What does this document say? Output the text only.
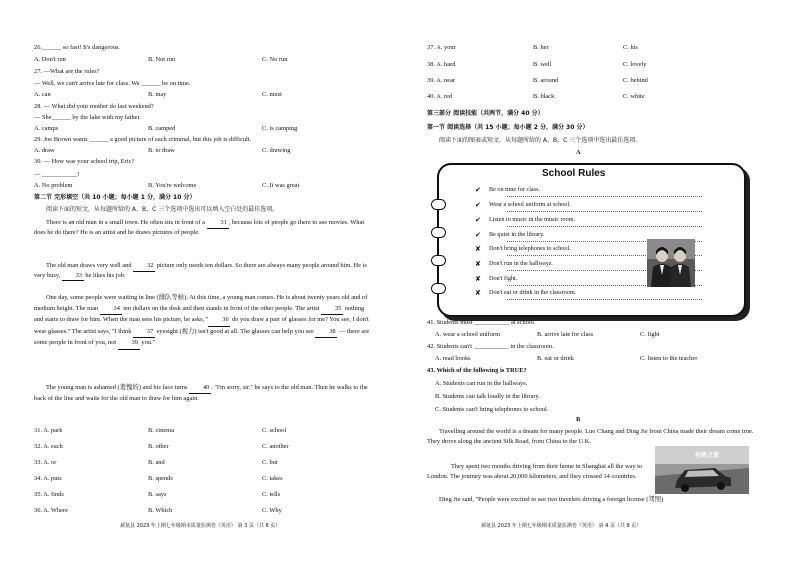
26.______ so fast! It's dangerous.
A. Don't run	B. Not run	C. No run
27. —What are the rules?
— Well, we can't arrive late for class. We ______ be on time.
A. can	B. may	C. must
28. — What did your mother do last weekend?
— She______ by the lake with my father.
A. camps	B. camped	C. is camping
29. Joe Brown wants ______ a good picture of each criminal, but this job is difficult.
A. draw	B. to draw	C. drawing
30. — How was your school trip, Eric?
— ___________!
A. No problem	B. You're welcome	C. It was great
第二节 完形填空（共 10 小题；每小题 1 分，满分 10 分）
阅读下面的短文，从每题所给的 A、B、C 三个选项中选出可以填入空白处的最佳选项。
There is an old man in a small town. He often sits in front of a 31 , because lots of people go there to see movies. What does he do there? He is an artist and he draws pictures of people.
The old man draws very well and 32 picture only needs ten dollars. So there are always many people around him. He is very busy, 33 he likes his job.
One day, some people were waiting in line (排队等候). At this time, a young man comes. He is about twenty years old and of medium height. The man 34 ten dollars on the desk and then stands in front of the other people. The artist 35 nothing and starts to draw for him. When the man sees his picture, he asks, " 36 do you draw a pair of glasses for me? You see, I don't wear glasses." The artist says, "I think 37 eyesight (视力) isn't good at all. The glasses can help you see 38 — there are some people in front of you, not 39 you."
The young man is ashamed (羞愧的) and his face turns 40 . "I'm sorry, sir." he says to the old man. Then he walks to the back of the line and waits for the old man to draw for him again.
31. A. park	B. cinema	C. school
32. A. each	B. other	C. another
33. A. or	B. and	C. but
34. A. puts	B. spends	C. takes
35. A. finds	B. says	C. tells
36. A. Where	B. Which	C. Why
郝氪县 2023 年上期七年级期末质量监测卷《英语》 第 3 页（共 8 页）
37. A. your	B. her	C. his
38. A. hard	B. well	C. lovely
39. A. near	B. around	C. behind
40. A. red	B. black	C. white
第三部分 阅读技能（共两节，满分 40 分）
第一节 阅读选择（共 15 小题；每小题 2 分，满分 30 分）
阅读下面的图表或短文，从每题所给的 A、B、C 三个选项中选出最佳选项。
A
School Rules
✔ Be on time for class.
✔ Wear a school uniform at school.
✔ Listen to music in the music room.
✔ Be quiet in the library.
✘ Don't bring telephones to school.
✘ Don't run in the hallways.
✘ Don't fight.
✘ Don't eat or drink in the classroom.
41. Students must ___________ at school.
A. wear a school uniform	B. arrive late for class	C. fight
42. Students can't ___________ in the classroom.
A. read books	B. eat or drink	C. listen to the teacher
43. Which of the following is TRUE?
A. Students can run in the hallways.
B. Students can talk loudly in the library.
C. Students can't bring telephones to school.
B
Travelling around the world is a dream for many people. Luo Chang and Ding Jie from China made their dream come true. They drove along the ancient Silk Road, from China to the U.K.
They spent two months driving from their home in Shanghai all the way to London. The journey was about 20,000 kilometers, and they crossed 14 countries.
Ding Jie said, "People were excited to see two travelers driving a foreign license (驾照)
丝路之旅
郝氪县 2023 年上期七年级期末质量监测卷《英语》 第 4 页（共 8 页）
